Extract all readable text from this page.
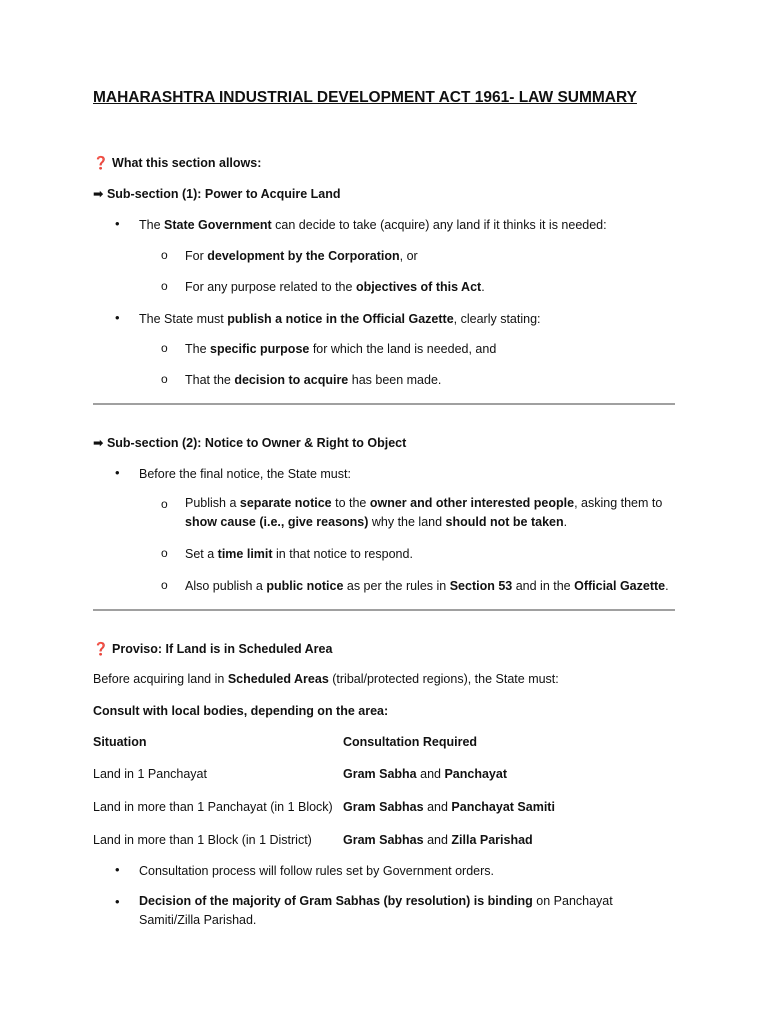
MAHARASHTRA INDUSTRIAL DEVELOPMENT ACT 1961- LAW SUMMARY
❓ What this section allows:
➡ Sub-section (1): Power to Acquire Land
• The State Government can decide to take (acquire) any land if it thinks it is needed:
o For development by the Corporation, or
o For any purpose related to the objectives of this Act.
• The State must publish a notice in the Official Gazette, clearly stating:
o The specific purpose for which the land is needed, and
o That the decision to acquire has been made.
➡ Sub-section (2): Notice to Owner & Right to Object
• Before the final notice, the State must:
o Publish a separate notice to the owner and other interested people, asking them to show cause (i.e., give reasons) why the land should not be taken.
o Set a time limit in that notice to respond.
o Also publish a public notice as per the rules in Section 53 and in the Official Gazette.
❓ Proviso: If Land is in Scheduled Area
Before acquiring land in Scheduled Areas (tribal/protected regions), the State must:
Consult with local bodies, depending on the area:
Situation	Consultation Required
Land in 1 Panchayat	Gram Sabha and Panchayat
Land in more than 1 Panchayat (in 1 Block) Gram Sabhas and Panchayat Samiti
Land in more than 1 Block (in 1 District) Gram Sabhas and Zilla Parishad
• Consultation process will follow rules set by Government orders.
• Decision of the majority of Gram Sabhas (by resolution) is binding on Panchayat Samiti/Zilla Parishad.
